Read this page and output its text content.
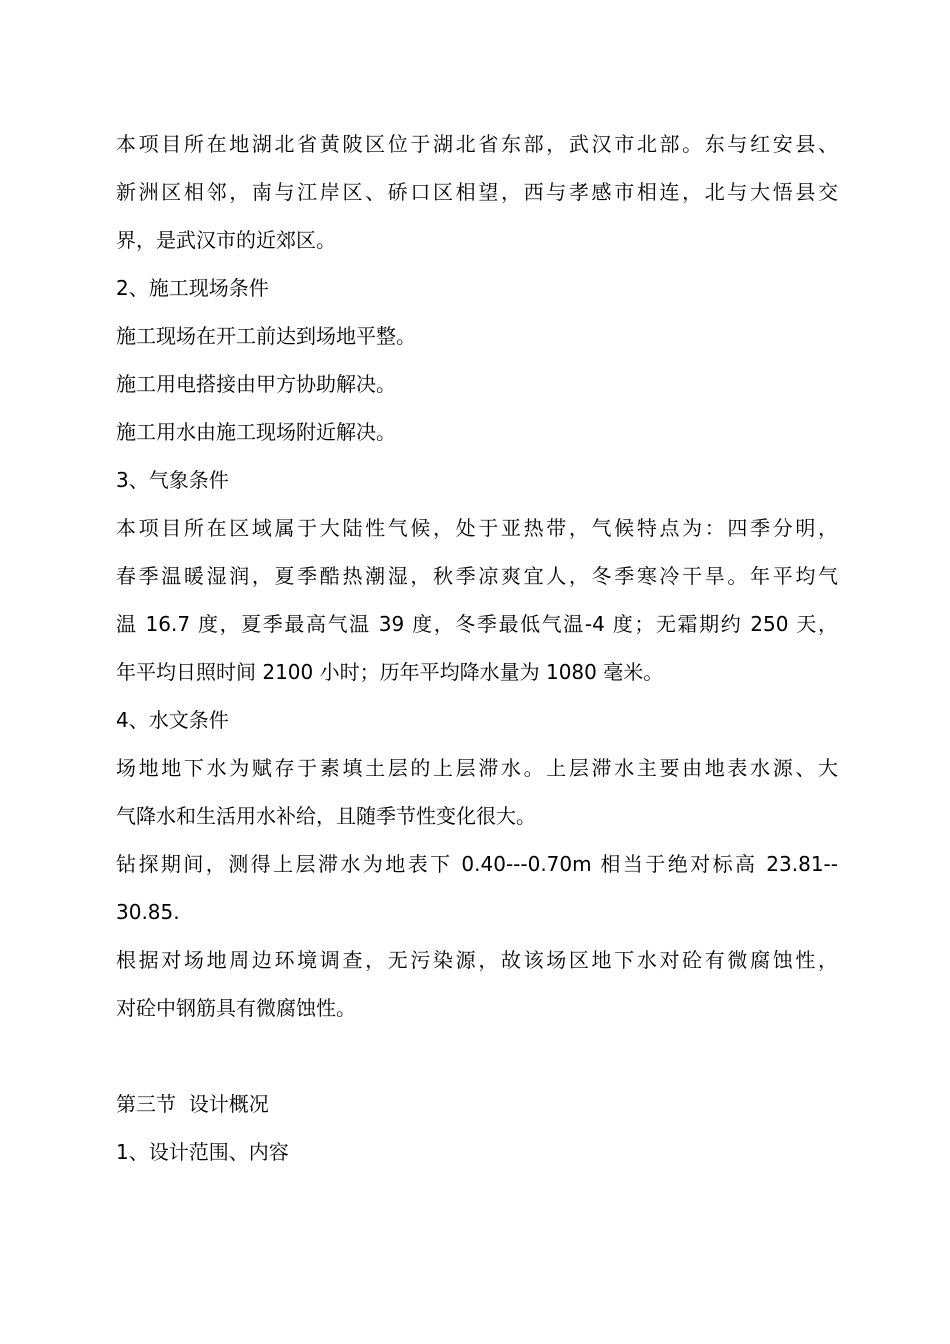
本项目所在地湖北省黄陂区位于湖北省东部，武汉市北部。东与红安县、

新洲区相邻，南与江岸区、硚口区相望，西与孝感市相连，北与大悟县交

界，是武汉市的近郊区。

2、施工现场条件

施工现场在开工前达到场地平整。

施工用电搭接由甲方协助解决。

施工用水由施工现场附近解决。

3、气象条件

本项目所在区域属于大陆性气候，处于亚热带，气候特点为：四季分明，

春季温暖湿润，夏季酷热潮湿，秋季凉爽宜人，冬季寒冷干旱。年平均气

温 16.7 度，夏季最高气温 39 度，冬季最低气温-4 度；无霜期约 250 天，

年平均日照时间 2100 小时；历年平均降水量为 1080 毫米。

4、水文条件

场地地下水为赋存于素填土层的上层滞水。上层滞水主要由地表水源、大

气降水和生活用水补给，且随季节性变化很大。

钻探期间，测得上层滞水为地表下 0.40---0.70m 相当于绝对标高 23.81--

30.85.

根据对场地周边环境调查，无污染源，故该场区地下水对砼有微腐蚀性，

对砼中钢筋具有微腐蚀性。

第三节  设计概况

1、设计范围、内容
